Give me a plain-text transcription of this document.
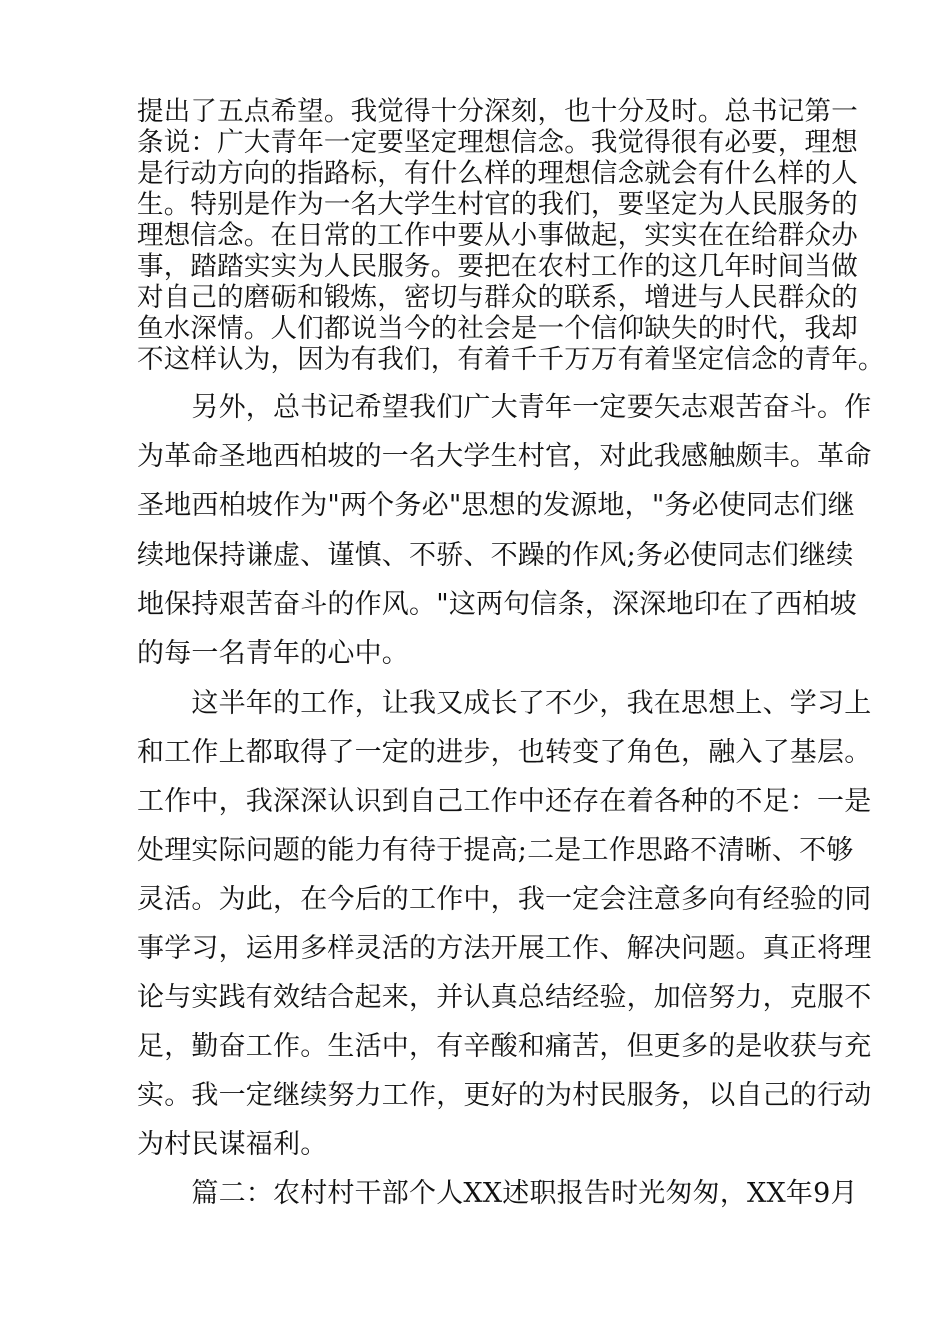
提出了五点希望。我觉得十分深刻，也十分及时。总书记第一
条说：广大青年一定要坚定理想信念。我觉得很有必要，理想
是行动方向的指路标，有什么样的理想信念就会有什么样的人
生。特别是作为一名大学生村官的我们，要坚定为人民服务的
理想信念。在日常的工作中要从小事做起，实实在在给群众办
事，踏踏实实为人民服务。要把在农村工作的这几年时间当做
对自己的磨砺和锻炼，密切与群众的联系，增进与人民群众的
鱼水深情。人们都说当今的社会是一个信仰缺失的时代，我却
不这样认为，因为有我们，有着千千万万有着坚定信念的青年。
　　另外，总书记希望我们广大青年一定要矢志艰苦奋斗。作
为革命圣地西柏坡的一名大学生村官，对此我感触颇丰。革命
圣地西柏坡作为"两个务必"思想的发源地，"务必使同志们继
续地保持谦虚、谨慎、不骄、不躁的作风;务必使同志们继续
地保持艰苦奋斗的作风。"这两句信条，深深地印在了西柏坡
的每一名青年的心中。
　　这半年的工作，让我又成长了不少，我在思想上、学习上
和工作上都取得了一定的进步，也转变了角色，融入了基层。
工作中，我深深认识到自己工作中还存在着各种的不足：一是
处理实际问题的能力有待于提高;二是工作思路不清晰、不够
灵活。为此，在今后的工作中，我一定会注意多向有经验的同
事学习，运用多样灵活的方法开展工作、解决问题。真正将理
论与实践有效结合起来，并认真总结经验，加倍努力，克服不
足，勤奋工作。生活中，有辛酸和痛苦，但更多的是收获与充
实。我一定继续努力工作，更好的为村民服务，以自己的行动
为村民谋福利。
　　篇二：农村村干部个人XX述职报告时光匆匆，XX年9月
